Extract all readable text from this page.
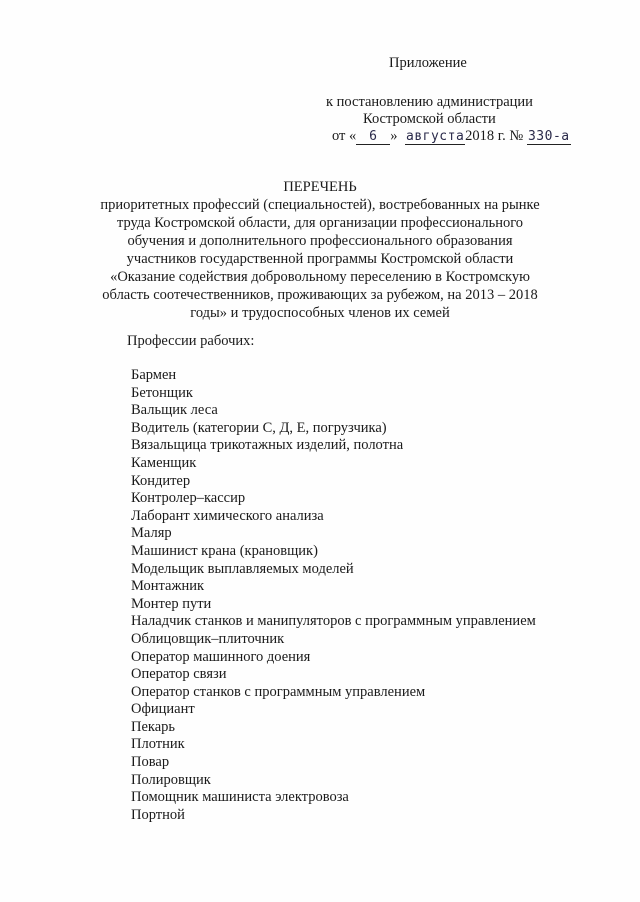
Приложение
к постановлению администрации
Костромской области
от « 6 » августа2018 г. № 330-а
ПЕРЕЧЕНЬ
приоритетных профессий (специальностей), востребованных на рынке
труда Костромской области, для организации профессионального
обучения и дополнительного профессионального образования
участников государственной программы Костромской области
«Оказание содействия добровольному переселению в Костромскую
область соотечественников, проживающих за рубежом, на 2013 – 2018
годы» и трудоспособных членов их семей
Профессии рабочих:
Бармен
Бетонщик
Вальщик леса
Водитель (категории С, Д, Е, погрузчика)
Вязальщица трикотажных изделий, полотна
Каменщик
Кондитер
Контролер–кассир
Лаборант химического анализа
Маляр
Машинист крана (крановщик)
Модельщик выплавляемых моделей
Монтажник
Монтер пути
Наладчик станков и манипуляторов с программным управлением
Облицовщик–плиточник
Оператор машинного доения
Оператор связи
Оператор станков с программным управлением
Официант
Пекарь
Плотник
Повар
Полировщик
Помощник машиниста электровоза
Портной
